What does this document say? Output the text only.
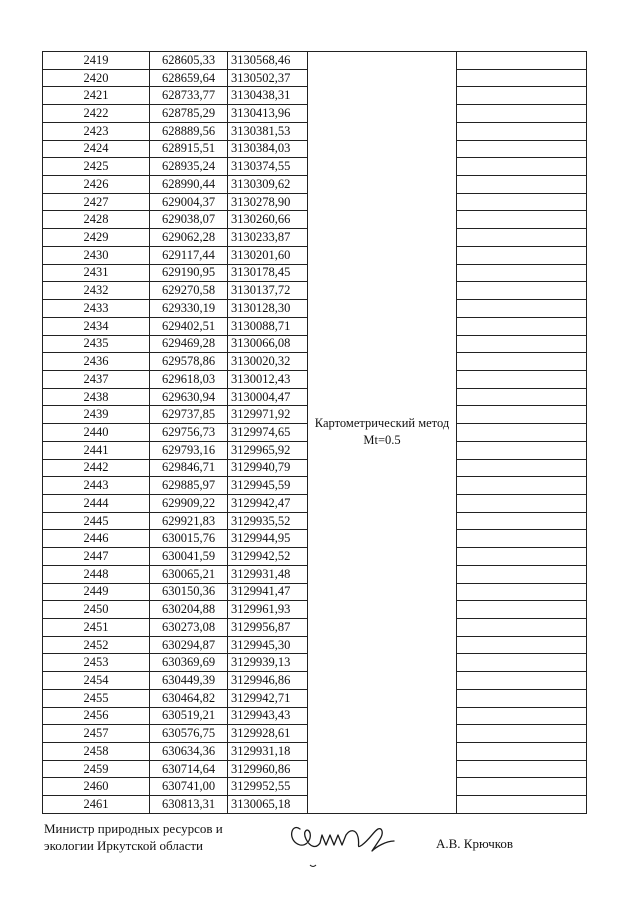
2419	628605,33	3130568,46	Картометрический метод Mt=0.5	
2420	628659,64	3130502,37		
2421	628733,77	3130438,31		
2422	628785,29	3130413,96		
2423	628889,56	3130381,53		
2424	628915,51	3130384,03		
2425	628935,24	3130374,55		
2426	628990,44	3130309,62		
2427	629004,37	3130278,90		
2428	629038,07	3130260,66		
2429	629062,28	3130233,87		
2430	629117,44	3130201,60		
2431	629190,95	3130178,45		
2432	629270,58	3130137,72		
2433	629330,19	3130128,30		
2434	629402,51	3130088,71		
2435	629469,28	3130066,08		
2436	629578,86	3130020,32		
2437	629618,03	3130012,43		
2438	629630,94	3130004,47		
2439	629737,85	3129971,92		
2440	629756,73	3129974,65		
2441	629793,16	3129965,92		
2442	629846,71	3129940,79		
2443	629885,97	3129945,59		
2444	629909,22	3129942,47		
2445	629921,83	3129935,52		
2446	630015,76	3129944,95		
2447	630041,59	3129942,52		
2448	630065,21	3129931,48		
2449	630150,36	3129941,47		
2450	630204,88	3129961,93		
2451	630273,08	3129956,87		
2452	630294,87	3129945,30		
2453	630369,69	3129939,13		
2454	630449,39	3129946,86		
2455	630464,82	3129942,71		
2456	630519,21	3129943,43		
2457	630576,75	3129928,61		
2458	630634,36	3129931,18		
2459	630714,64	3129960,86		
2460	630741,00	3129952,55		
2461	630813,31	3130065,18		
Министр природных ресурсов и
экологии Иркутской области	А.В. Крючков
